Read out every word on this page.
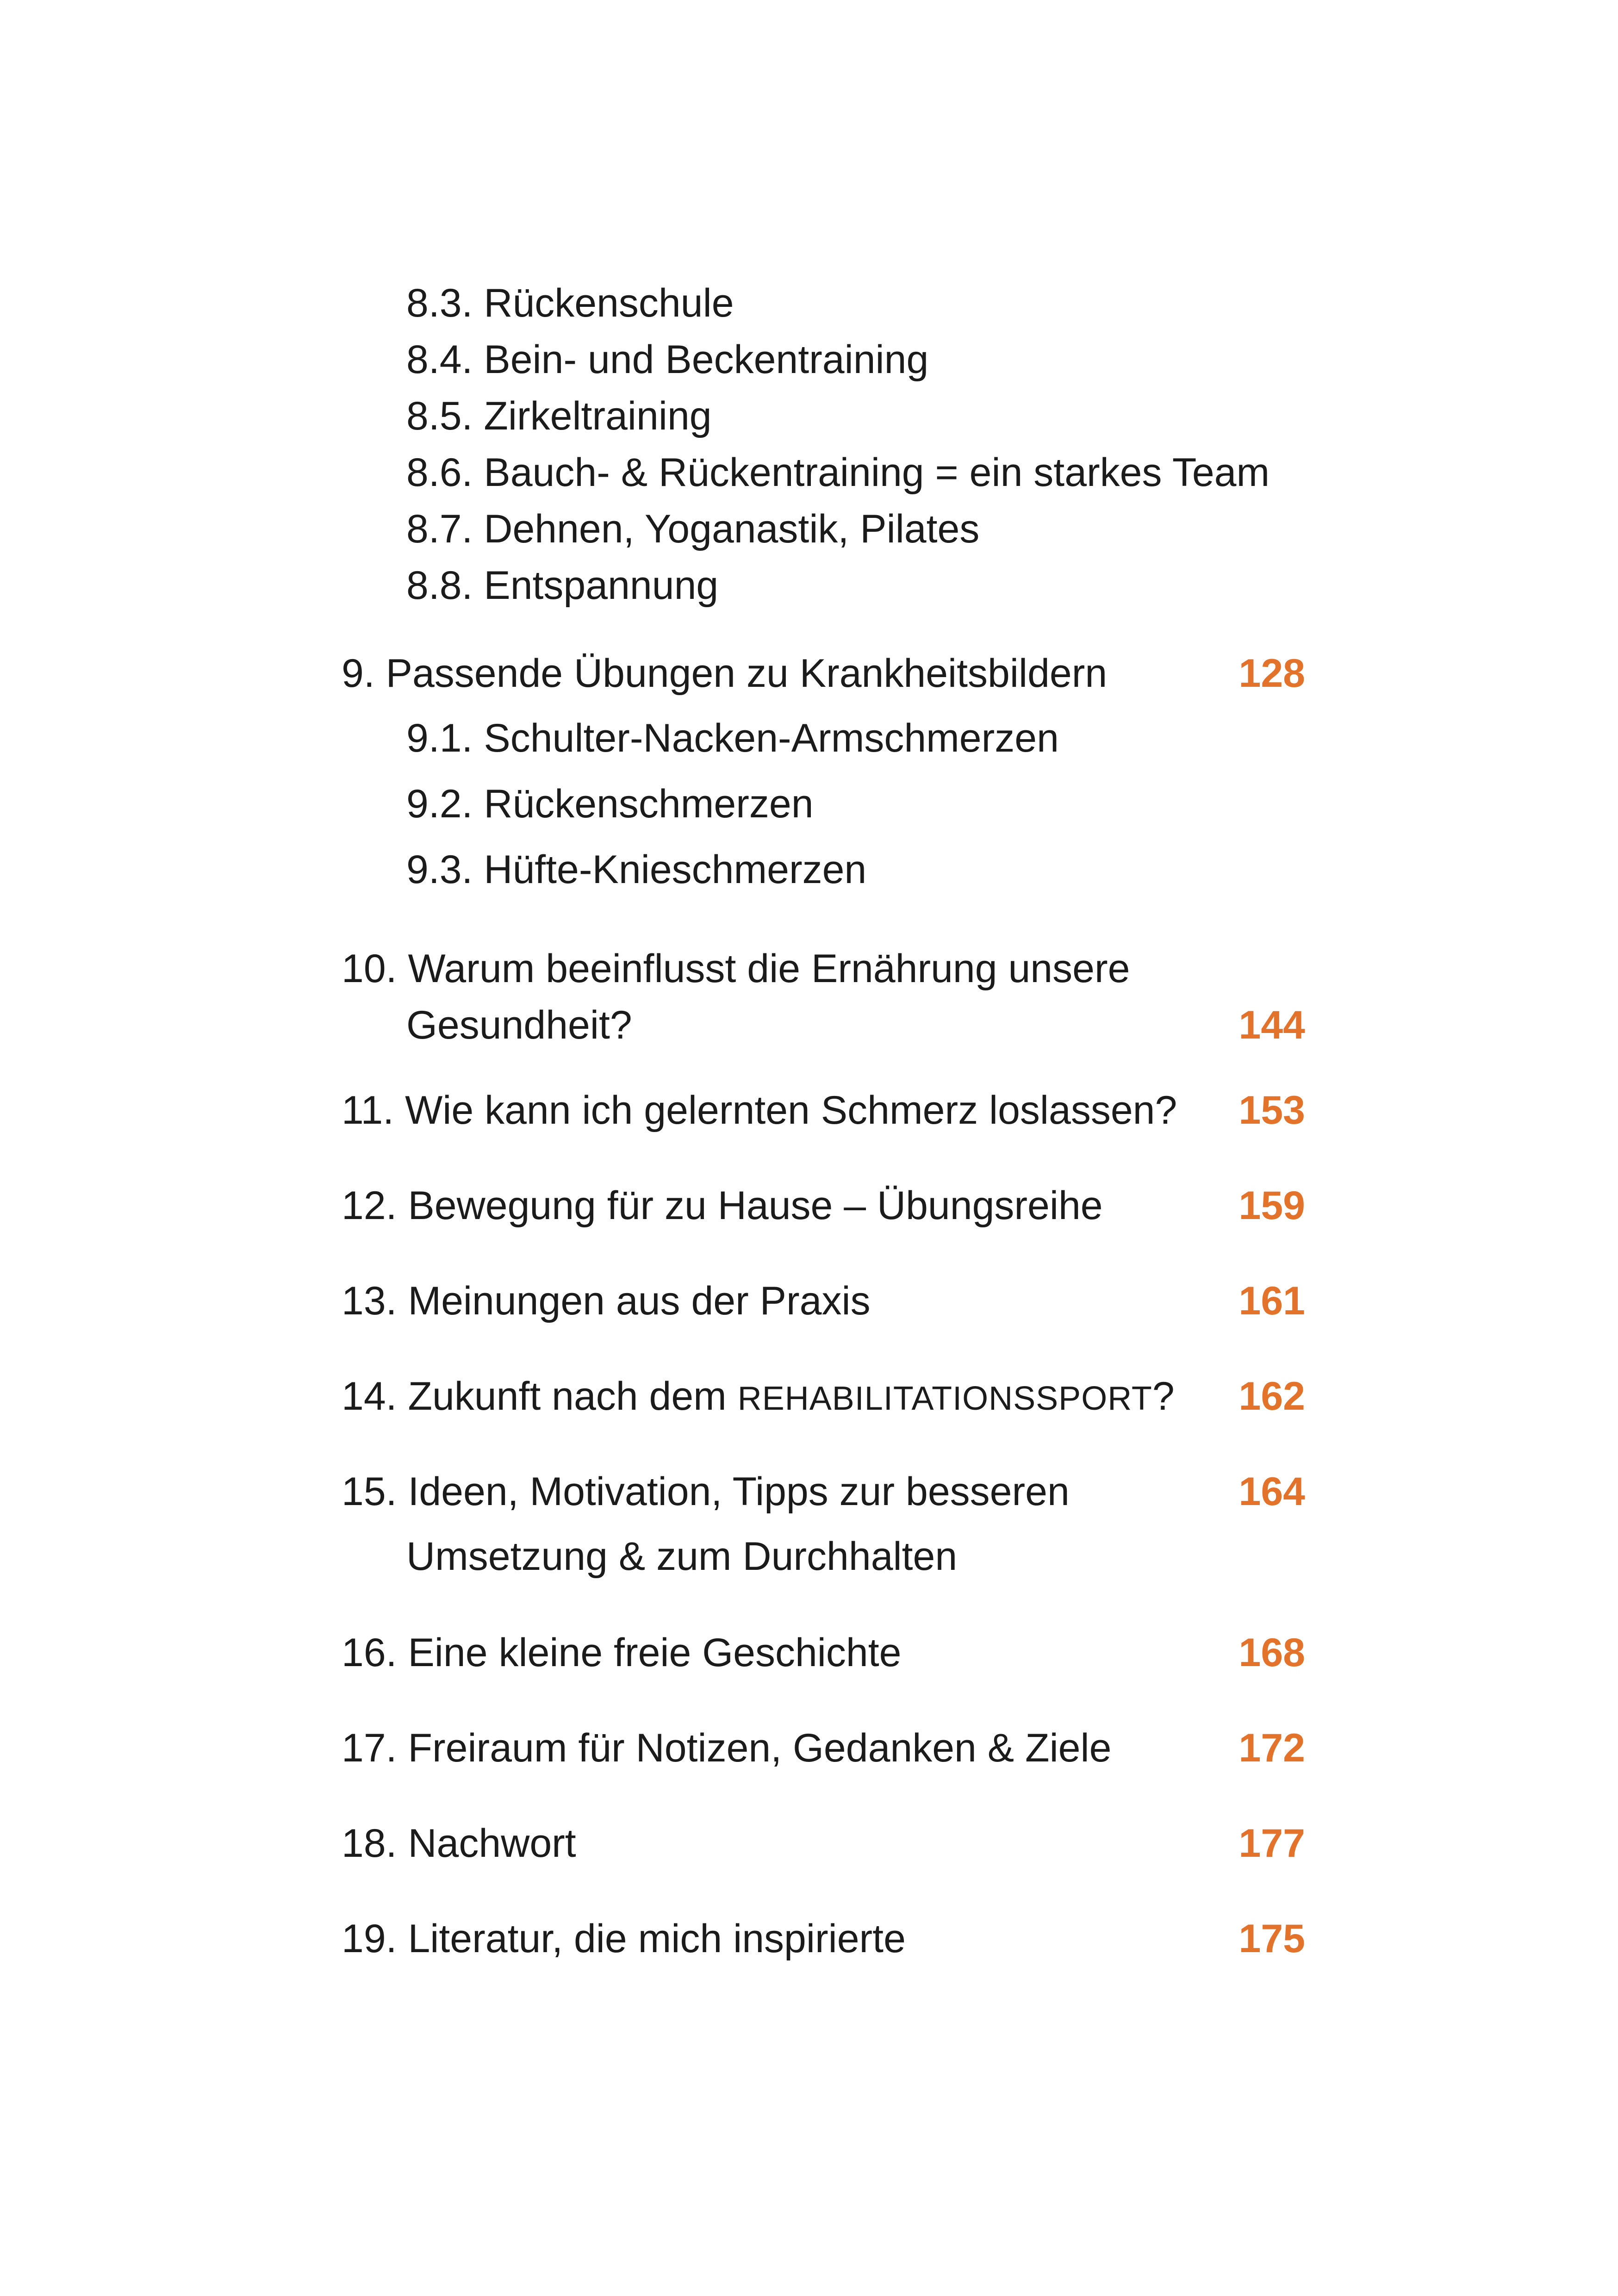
8.3. Rückenschule
8.4. Bein- und Beckentraining
8.5. Zirkeltraining
8.6. Bauch- & Rückentraining = ein starkes Team
8.7. Dehnen, Yoganastik, Pilates
8.8. Entspannung
9. Passende Übungen zu Krankheitsbildern	128
9.1. Schulter-Nacken-Armschmerzen
9.2. Rückenschmerzen
9.3. Hüfte-Knieschmerzen
10. Warum beeinflusst die Ernährung unsere
Gesundheit?	144
11. Wie kann ich gelernten Schmerz loslassen?	153
12. Bewegung für zu Hause – Übungsreihe	159
13. Meinungen aus der Praxis	161
14. Zukunft nach dem REHABILITATIONSSPORT?	162
15. Ideen, Motivation, Tipps zur besseren	164
Umsetzung & zum Durchhalten
16. Eine kleine freie Geschichte	168
17. Freiraum für Notizen, Gedanken & Ziele	172
18. Nachwort	177
19. Literatur, die mich inspirierte	175
